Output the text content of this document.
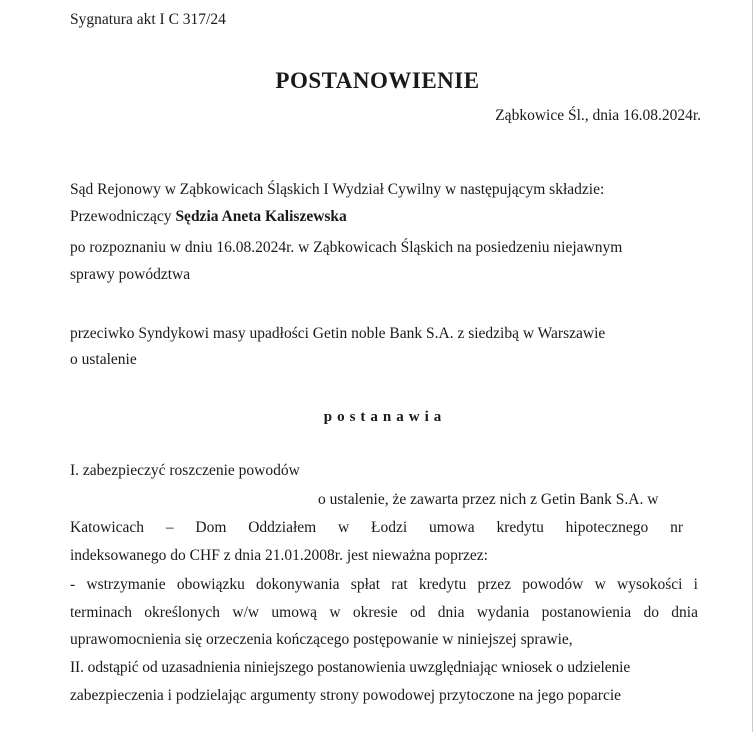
Sygnatura akt I C 317/24
POSTANOWIENIE
Ząbkowice Śl., dnia 16.08.2024r.
Sąd Rejonowy w Ząbkowicach Śląskich I Wydział Cywilny w następującym składzie:
Przewodniczący Sędzia Aneta Kaliszewska
po rozpoznaniu w dniu 16.08.2024r. w Ząbkowicach Śląskich na posiedzeniu niejawnym
sprawy powództwa
przeciwko Syndykowi masy upadłości Getin noble Bank S.A. z siedzibą w Warszawie
o ustalenie
postanawia
I. zabezpieczyć roszczenie powodów
o ustalenie, że zawarta przez nich z Getin Bank S.A. w
Katowicach – Dom Oddziałem w Łodzi umowa kredytu hipotecznego nr
indeksowanego do CHF z dnia 21.01.2008r. jest nieważna poprzez:
- wstrzymanie obowiązku dokonywania spłat rat kredytu przez powodów w wysokości i
terminach określonych w/w umową w okresie od dnia wydania postanowienia do dnia
uprawomocnienia się orzeczenia kończącego postępowanie w niniejszej sprawie,
II. odstąpić od uzasadnienia niniejszego postanowienia uwzględniając wniosek o udzielenie
zabezpieczenia i podzielając argumenty strony powodowej przytoczone na jego poparcie
